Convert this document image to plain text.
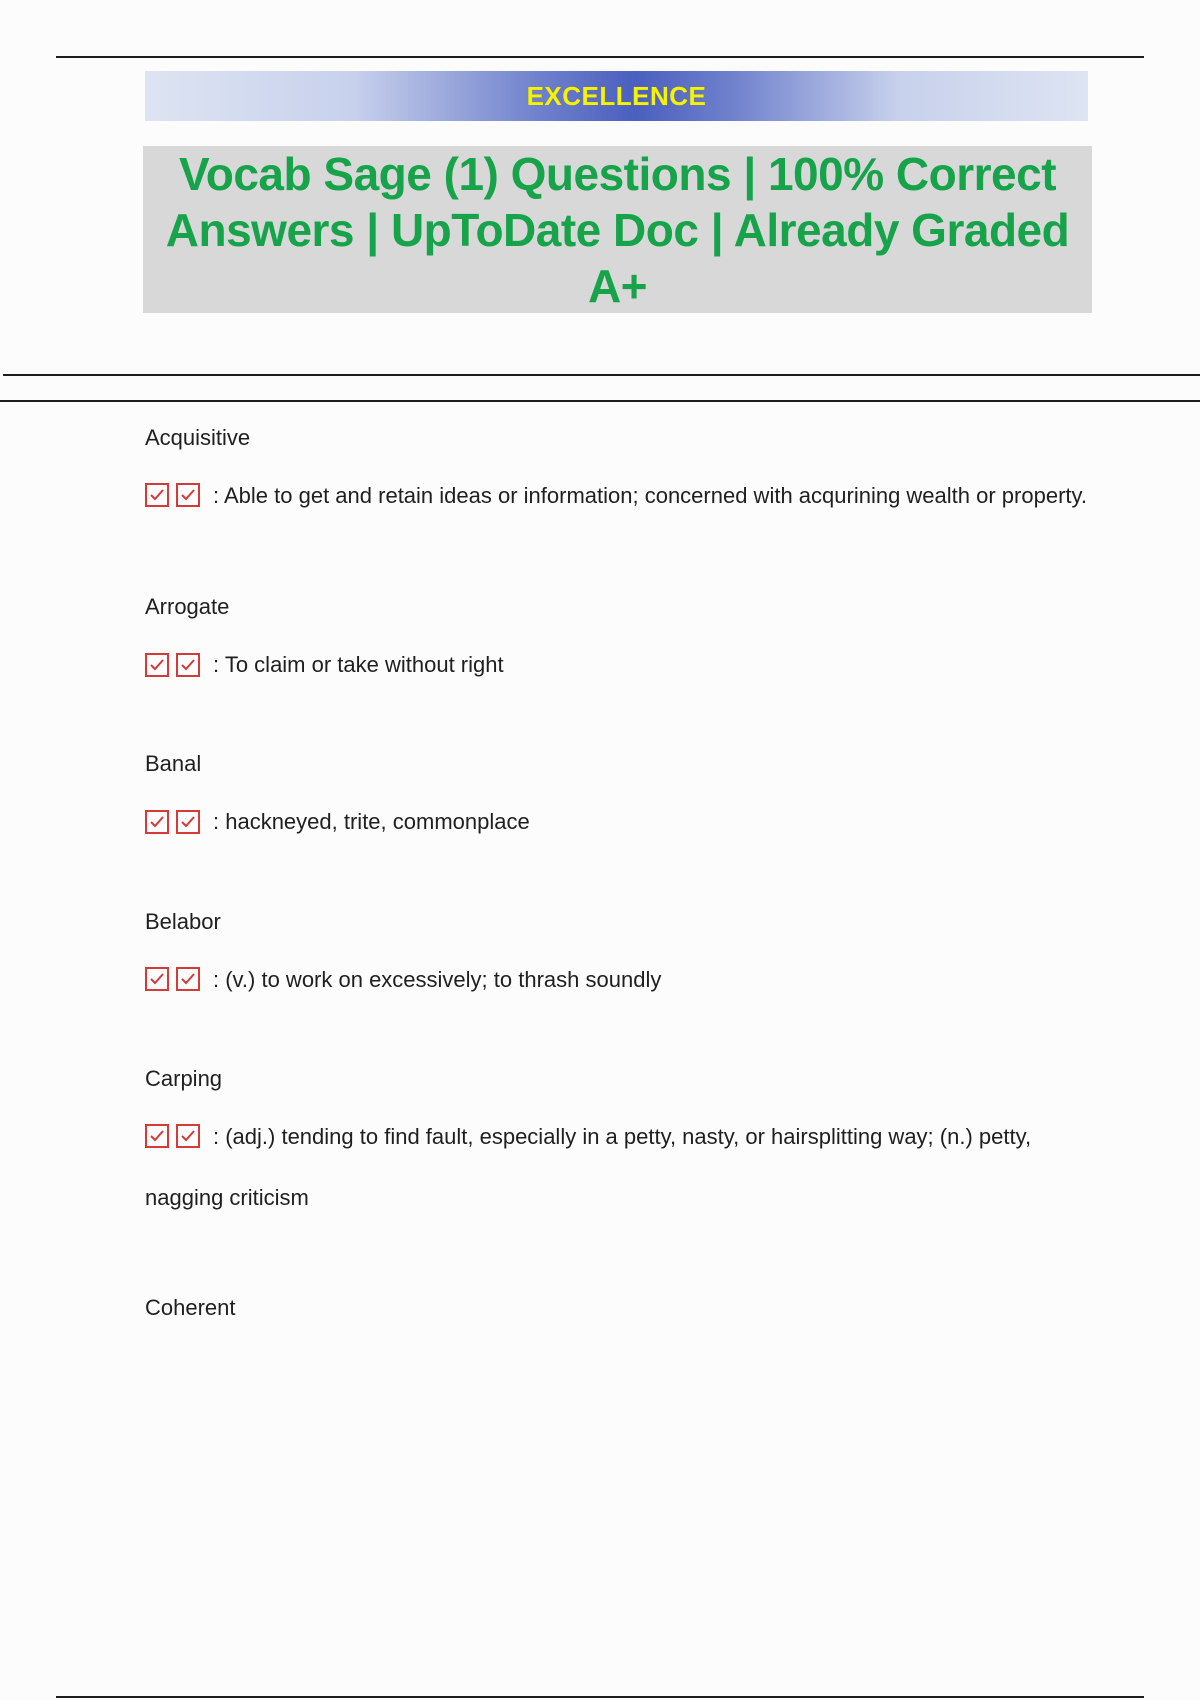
EXCELLENCE
Vocab Sage (1) Questions | 100% Correct Answers | UpToDate Doc | Already Graded A+
Acquisitive
: Able to get and retain ideas or information; concerned with acqurining wealth or property.
Arrogate
: To claim or take without right
Banal
: hackneyed, trite, commonplace
Belabor
: (v.) to work on excessively; to thrash soundly
Carping
: (adj.) tending to find fault, especially in a petty, nasty, or hairsplitting way; (n.) petty, nagging criticism
Coherent
